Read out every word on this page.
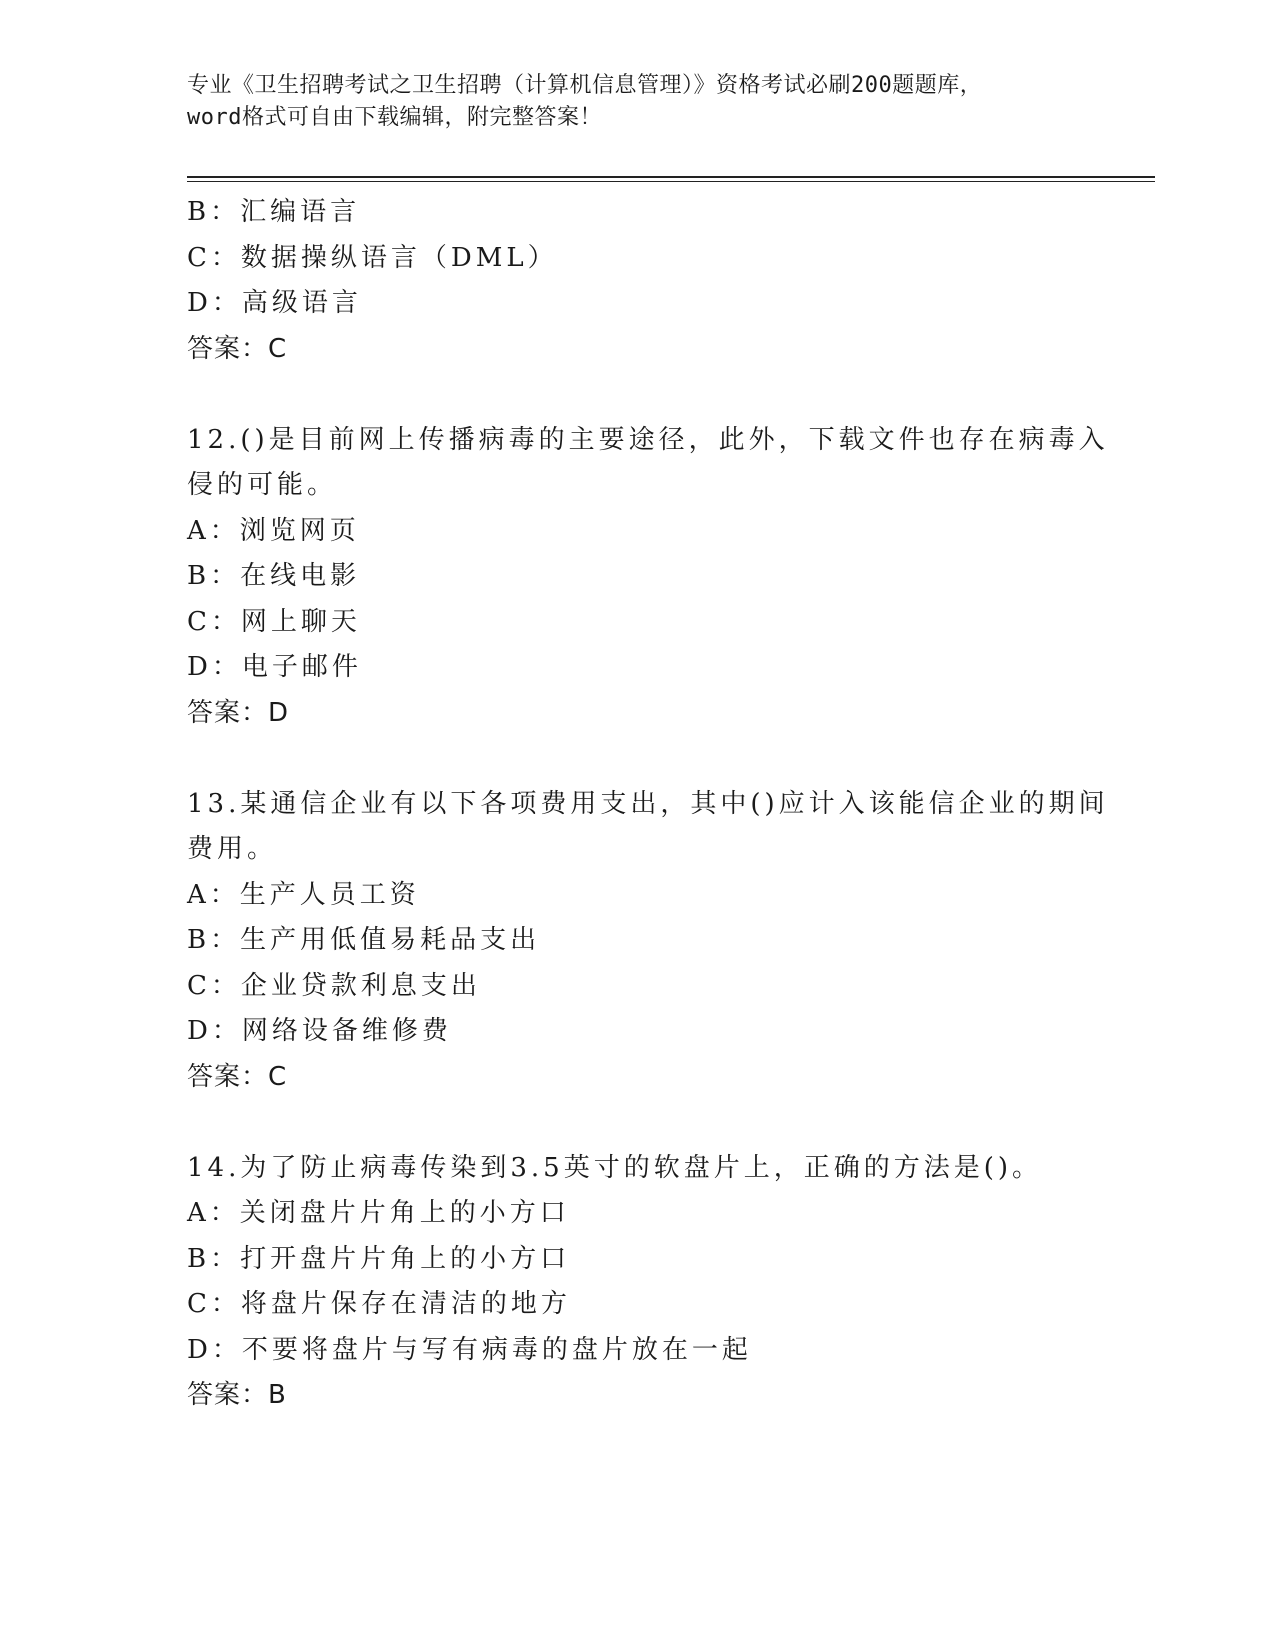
专业《卫生招聘考试之卫生招聘（计算机信息管理）》资格考试必刷200题题库，
word格式可自由下载编辑，附完整答案！
B：汇编语言
C：数据操纵语言（DML）
D：高级语言
答案：C
12.()是目前网上传播病毒的主要途径，此外，下载文件也存在病毒入
侵的可能。
A：浏览网页
B：在线电影
C：网上聊天
D：电子邮件
答案：D
13.某通信企业有以下各项费用支出，其中()应计入该能信企业的期间
费用。
A：生产人员工资
B：生产用低值易耗品支出
C：企业贷款利息支出
D：网络设备维修费
答案：C
14.为了防止病毒传染到3.5英寸的软盘片上，正确的方法是()。
A：关闭盘片片角上的小方口
B：打开盘片片角上的小方口
C：将盘片保存在清洁的地方
D：不要将盘片与写有病毒的盘片放在一起
答案：B
